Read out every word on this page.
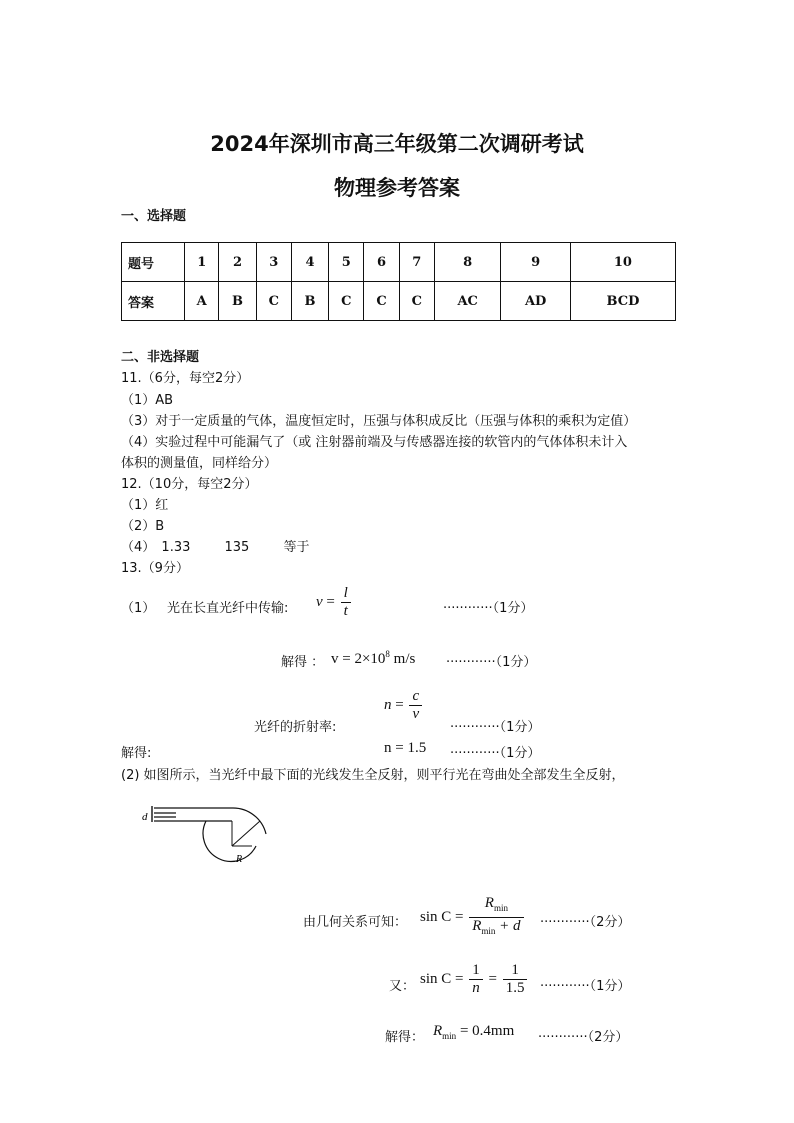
2024年深圳市高三年级第二次调研考试
物理参考答案
一、选择题
题号	1	2	3	4	5	6	7	8	9	10
答案	A	B	C	B	C	C	C	AC	AD	BCD
二、非选择题
11.（6分，每空2分）
（1）AB
（3）对于一定质量的气体，温度恒定时，压强与体积成反比（压强与体积的乘积为定值）
（4）实验过程中可能漏气了（或 注射器前端及与传感器连接的软管内的气体体积未计入
体积的测量值，同样给分）
12.（10分，每空2分）
（1）红
（2）B
（4） 1.33	135	等于
13.（9分）
（1） 光在长直光纤中传输: $v = \frac{l}{t}$	············（1分）
解得 ： $v = 2\times 10^8$ m/s ············（1分）
$n = \frac{c}{v}$
光纤的折射率:	············（1分）
解得:	n = 1.5 ············（1分）
(2) 如图所示，当光纤中最下面的光线发生全反射，则平行光在弯曲处全部发生全反射，
d
R
由几何关系可知： $\sin C = \frac{R_{min}}{R_{min} + d} \cdot\cdot\cdot\cdot\cdot\cdot\cdot\cdot\cdot\cdot\cdot\cdot(2$分）
又： $\sin C = \frac{1}{n} = \frac{1}{1.5} \cdot\cdot\cdot\cdot\cdot\cdot\cdot\cdot\cdot\cdot\cdot\cdot(1$分）
解得： $R_{min} = 0.4mm \cdot\cdot\cdot\cdot\cdot\cdot\cdot\cdot\cdot\cdot\cdot\cdot(2$分）
